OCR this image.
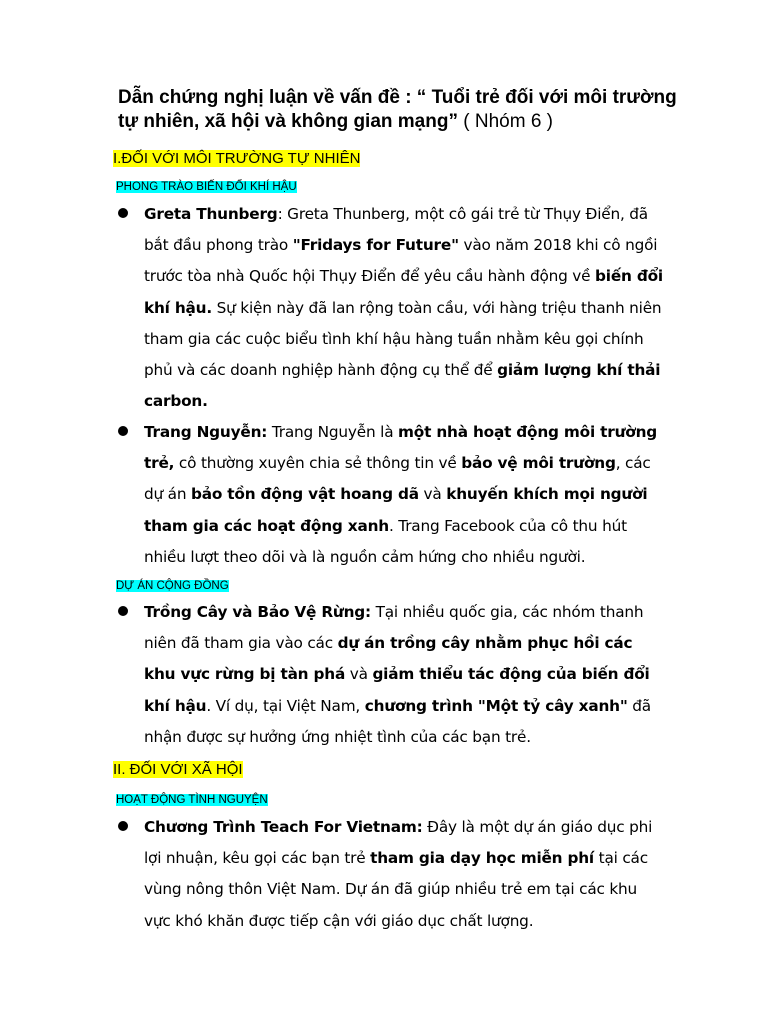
Dẫn chứng nghị luận về vấn đề : “ Tuổi trẻ đối với môi trường tự nhiên, xã hội và không gian mạng” ( Nhóm 6 )
I.ĐỐI VỚI MÔI TRƯỜNG TỰ NHIÊN
PHONG TRÀO BIẾN ĐỔI KHÍ HẬU
Greta Thunberg: Greta Thunberg, một cô gái trẻ từ Thụy Điển, đã bắt đầu phong trào "Fridays for Future" vào năm 2018 khi cô ngồi trước tòa nhà Quốc hội Thụy Điển để yêu cầu hành động về biến đổi khí hậu. Sự kiện này đã lan rộng toàn cầu, với hàng triệu thanh niên tham gia các cuộc biểu tình khí hậu hàng tuần nhằm kêu gọi chính phủ và các doanh nghiệp hành động cụ thể để giảm lượng khí thải carbon.
Trang Nguyễn: Trang Nguyễn là một nhà hoạt động môi trường trẻ, cô thường xuyên chia sẻ thông tin về bảo vệ môi trường, các dự án bảo tồn động vật hoang dã và khuyến khích mọi người tham gia các hoạt động xanh. Trang Facebook của cô thu hút nhiều lượt theo dõi và là nguồn cảm hứng cho nhiều người.
DỰ ÁN CỘNG ĐỒNG
Trồng Cây và Bảo Vệ Rừng: Tại nhiều quốc gia, các nhóm thanh niên đã tham gia vào các dự án trồng cây nhằm phục hồi các khu vực rừng bị tàn phá và giảm thiểu tác động của biến đổi khí hậu. Ví dụ, tại Việt Nam, chương trình "Một tỷ cây xanh" đã nhận được sự hưởng ứng nhiệt tình của các bạn trẻ.
II. ĐỐI VỚI XÃ HỘI
HOẠT ĐỘNG TÌNH NGUYỆN
Chương Trình Teach For Vietnam: Đây là một dự án giáo dục phi lợi nhuận, kêu gọi các bạn trẻ tham gia dạy học miễn phí tại các vùng nông thôn Việt Nam. Dự án đã giúp nhiều trẻ em tại các khu vực khó khăn được tiếp cận với giáo dục chất lượng.
